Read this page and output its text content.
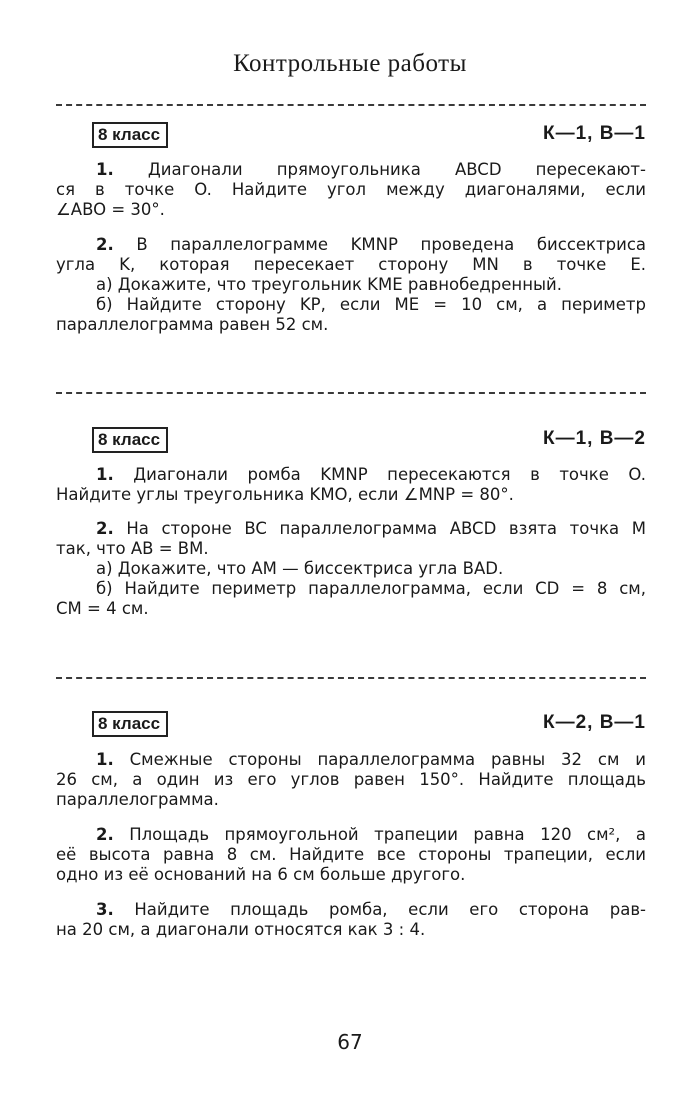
Контрольные работы
8 класс	К—1, В—1
1. Диагонали прямоугольника ABCD пересекают-
ся в точке O. Найдите угол между диагоналями, если
∠ABO = 30°.
2. В параллелограмме KMNP проведена биссектриса
угла K, которая пересекает сторону MN в точке E.
а) Докажите, что треугольник KME равнобедренный.
б) Найдите сторону KP, если ME = 10 см, а периметр
параллелограмма равен 52 см.
8 класс	К—1, В—2
1. Диагонали ромба KMNP пересекаются в точке O.
Найдите углы треугольника KMO, если ∠MNP = 80°.
2. На стороне BC параллелограмма ABCD взята точка M
так, что AB = BM.
а) Докажите, что AM — биссектриса угла BAD.
б) Найдите периметр параллелограмма, если CD = 8 см,
CM = 4 см.
8 класс	К—2, В—1
1. Смежные стороны параллелограмма равны 32 см и
26 см, а один из его углов равен 150°. Найдите площадь
параллелограмма.
2. Площадь прямоугольной трапеции равна 120 см², а
её высота равна 8 см. Найдите все стороны трапеции, если
одно из её оснований на 6 см больше другого.
3. Найдите площадь ромба, если его сторона рав-
на 20 см, а диагонали относятся как 3 : 4.
67
